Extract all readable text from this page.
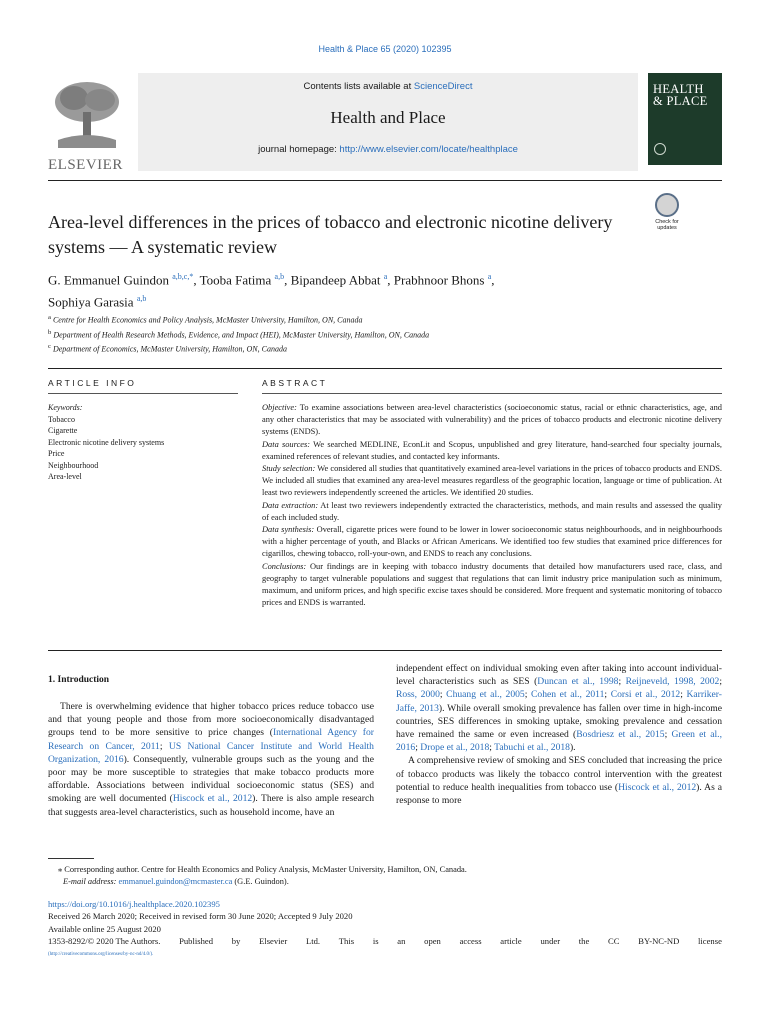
Health & Place 65 (2020) 102395
ELSEVIER
Contents lists available at ScienceDirect
Health and Place
journal homepage: http://www.elsevier.com/locate/healthplace
HEALTH
& PLACE
Area-level differences in the prices of tobacco and electronic nicotine delivery systems — A systematic review
Check for
updates
G. Emmanuel Guindon $^{a,b,c,*}$, Tooba Fatima $^{a,b}$, Bipandeep Abbat $^a$, Prabhnoor Bhons $^a$,
Sophiya Garasia $^{a,b}$
$^a$ Centre for Health Economics and Policy Analysis, McMaster University, Hamilton, ON, Canada
$^b$ Department of Health Research Methods, Evidence, and Impact (HEI), McMaster University, Hamilton, ON, Canada
$^c$ Department of Economics, McMaster University, Hamilton, ON, Canada
ARTICLE INFO	ABSTRACT
Keywords:
Tobacco
Cigarette
Electronic nicotine delivery systems
Price
Neighbourhood
Area-level

Objective: To examine associations between area-level characteristics (socioeconomic status, racial or ethnic characteristics, age, and any other characteristics that may be associated with vulnerability) and the prices of tobacco products and electronic nicotine delivery systems (ENDS).

Data sources: We searched MEDLINE, EconLit and Scopus, unpublished and grey literature, hand-searched four specialty journals, examined references of relevant studies, and contacted key informants.

Study selection: We considered all studies that quantitatively examined area-level variations in the prices of tobacco products and ENDS. We included all studies that examined any area-level measures regardless of the geographic location, language or time of publication. At least two reviewers independently screened the articles. We identified 20 studies.

Data extraction: At least two reviewers independently extracted the characteristics, methods, and main results and assessed the quality of each included study.

Data synthesis: Overall, cigarette prices were found to be lower in lower socioeconomic status neighbourhoods, and in neighbourhoods with a higher percentage of youth, and Blacks or African Americans. We identified too few studies that examined price differences for cigarillos, chewing tobacco, roll-your-own, and ENDS to reach any conclusions.

Conclusions: Our findings are in keeping with tobacco industry documents that detailed how manufacturers used race, class, and geography to target vulnerable populations and suggest that regulations that can limit industry price manipulation such as minimum, maximum, and uniform prices, and high specific excise taxes should be considered. More frequent and systematic monitoring of tobacco prices and ENDS is warranted.

1. Introduction

There is overwhelming evidence that higher tobacco prices reduce tobacco use and that young people and those from more socioeconomically disadvantaged groups tend to be more sensitive to price changes (International Agency for Research on Cancer, 2011; US National Cancer Institute and World Health Organization, 2016). Consequently, vulnerable groups such as the young and the poor may be more susceptible to strategies that make tobacco products more affordable. Associations between individual socioeconomic status (SES) and smoking are well documented (Hiscock et al., 2012). There is also ample research that suggests area-level characteristics, such as household income, have an

independent effect on individual smoking even after taking into account individual-level characteristics such as SES (Duncan et al., 1998; Reijneveld, 1998, 2002; Ross, 2000; Chuang et al., 2005; Cohen et al., 2011; Corsi et al., 2012; Karriker-Jaffe, 2013). While overall smoking prevalence has fallen over time in high-income countries, SES differences in smoking uptake, smoking prevalence and cessation have remained the same or even increased (Bosdriesz et al., 2015; Green et al., 2016; Drope et al., 2018; Tabuchi et al., 2018).

A comprehensive review of smoking and SES concluded that increasing the price of tobacco products was likely the tobacco control intervention with the greatest potential to reduce health inequalities from tobacco use (Hiscock et al., 2012). As a response to more

⁎ Corresponding author. Centre for Health Economics and Policy Analysis, McMaster University, Hamilton, ON, Canada.
E-mail address: emmanuel.guindon@mcmaster.ca (G.E. Guindon).
https://doi.org/10.1016/j.healthplace.2020.102395
Received 26 March 2020; Received in revised form 30 June 2020; Accepted 9 July 2020
Available online 25 August 2020
1353-8292/© 2020 The Authors. Published by Elsevier Ltd. This is an open access article under the CC BY-NC-ND license
(http://creativecommons.org/licenses/by-nc-nd/4.0/).
